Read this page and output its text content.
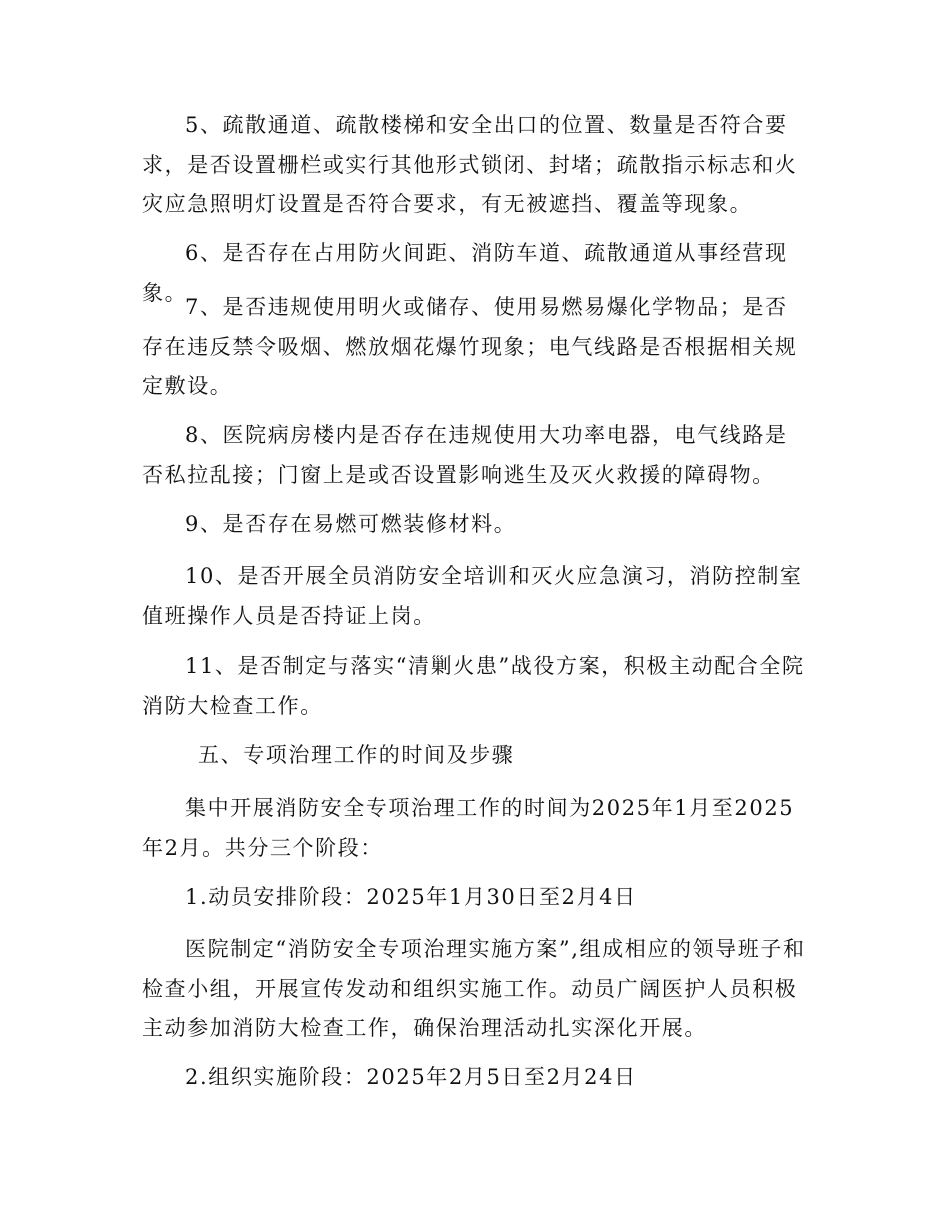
5、疏散通道、疏散楼梯和安全出口的位置、数量是否符合要求，是否设置栅栏或实行其他形式锁闭、封堵；疏散指示标志和火灾应急照明灯设置是否符合要求，有无被遮挡、覆盖等现象。

6、是否存在占用防火间距、消防车道、疏散通道从事经营现象。

7、是否违规使用明火或储存、使用易燃易爆化学物品；是否存在违反禁令吸烟、燃放烟花爆竹现象；电气线路是否根据相关规定敷设。

8、医院病房楼内是否存在违规使用大功率电器，电气线路是否私拉乱接；门窗上是或否设置影响逃生及灭火救援的障碍物。

9、是否存在易燃可燃装修材料。

10、是否开展全员消防安全培训和灭火应急演习，消防控制室值班操作人员是否持证上岗。

11、是否制定与落实“清剿火患”战役方案，积极主动配合全院消防大检查工作。

五、专项治理工作的时间及步骤

集中开展消防安全专项治理工作的时间为2025年1月至2025年2月。共分三个阶段：

1.动员安排阶段：2025年1月30日至2月4日

医院制定“消防安全专项治理实施方案”,组成相应的领导班子和检查小组，开展宣传发动和组织实施工作。动员广阔医护人员积极主动参加消防大检查工作，确保治理活动扎实深化开展。

2.组织实施阶段：2025年2月5日至2月24日
